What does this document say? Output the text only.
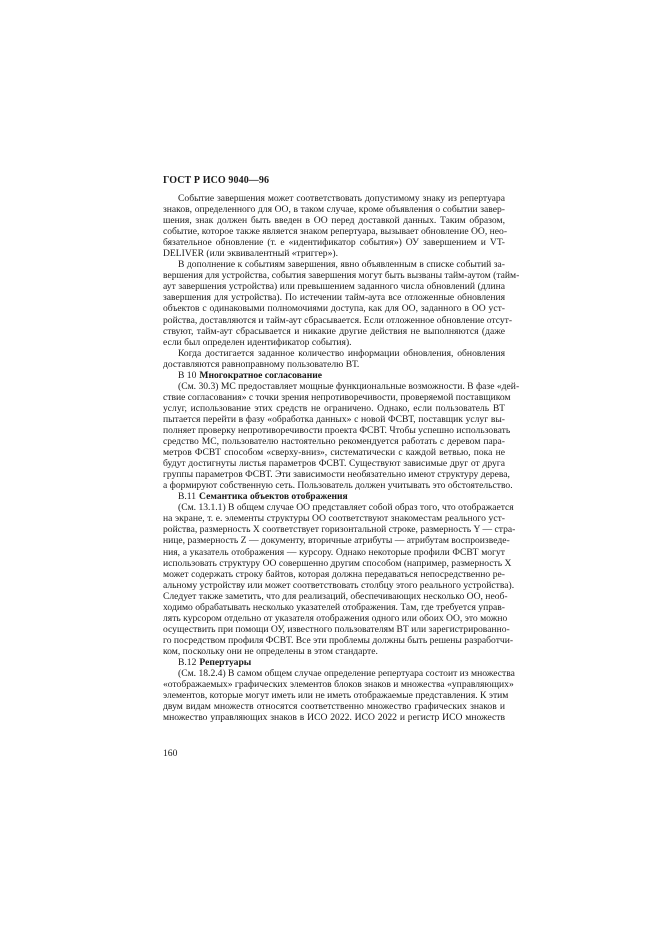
ГОСТ Р ИСО 9040—96
Событие завершения может соответствовать допустимому знаку из репертуара
знаков, определенного для ОО, в таком случае, кроме объявления о событии завер-
шения, знак должен быть введен в ОО перед доставкой данных. Таким образом,
событие, которое также является знаком репертуара, вызывает обновление ОО, нео-
бязательное обновление (т. е «идентификатор события») ОУ завершением и VT-
DELIVER (или эквивалентный «триггер»).
В дополнение к событиям завершения, явно объявленным в списке событий за-
вершения для устройства, события завершения могут быть вызваны тайм-аутом (тайм-
аут завершения устройства) или превышением заданного числа обновлений (длина
завершения для устройства). По истечении тайм-аута все отложенные обновления
объектов с одинаковыми полномочиями доступа, как для ОО, заданного в ОО уст-
ройства, доставляются и тайм-аут сбрасывается. Если отложенное обновление отсут-
ствуют, тайм-аут сбрасывается и никакие другие действия не выполняются (даже
если был определен идентификатор события).
Когда достигается заданное количество информации обновления, обновления
доставляются равноправному пользователю ВТ.
В 10 Многократное согласование
(См. 30.3) МС предоставляет мощные функциональные возможности. В фазе «дей-
ствие согласования» с точки зрения непротиворечивости, проверяемой поставщиком
услуг, использование этих средств не ограничено. Однако, если пользователь ВТ
пытается перейти в фазу «обработка данных» с новой ФСВТ, поставщик услуг вы-
полняет проверку непротиворечивости проекта ФСВТ. Чтобы успешно использовать
средство МС, пользователю настоятельно рекомендуется работать с деревом пара-
метров ФСВТ способом «сверху-вниз», систематически с каждой ветвью, пока не
будут достигнуты листья параметров ФСВТ. Существуют зависимые друг от друга
группы параметров ФСВТ. Эти зависимости необязательно имеют структуру дерева,
а формируют собственную сеть. Пользователь должен учитывать это обстоятельство.
В.11 Семантика объектов отображения
(См. 13.1.1) В общем случае ОО представляет собой образ того, что отображается
на экране, т. е. элементы структуры ОО соответствуют знакоместам реального уст-
ройства, размерность X соответствует горизонтальной строке, размерность Y — стра-
нице, размерность Z — документу, вторичные атрибуты — атрибутам воспроизведе-
ния, а указатель отображения — курсору. Однако некоторые профили ФСВТ могут
использовать структуру ОО совершенно другим способом (например, размерность X
может содержать строку байтов, которая должна передаваться непосредственно ре-
альному устройству или может соответствовать столбцу этого реального устройства).
Следует также заметить, что для реализаций, обеспечивающих несколько ОО, необ-
ходимо обрабатывать несколько указателей отображения. Там, где требуется управ-
лять курсором отдельно от указателя отображения одного или обоих ОО, это можно
осуществить при помощи ОУ, известного пользователям ВТ или зарегистрированно-
го посредством профиля ФСВТ. Все эти проблемы должны быть решены разработчи-
ком, поскольку они не определены в этом стандарте.
В.12 Репертуары
(См. 18.2.4) В самом общем случае определение репертуара состоит из множества
«отображаемых» графических элементов блоков знаков и множества «управляющих»
элементов, которые могут иметь или не иметь отображаемые представления. К этим
двум видам множеств относятся соответственно множество графических знаков и
множество управляющих знаков в ИСО 2022. ИСО 2022 и регистр ИСО множеств
160
